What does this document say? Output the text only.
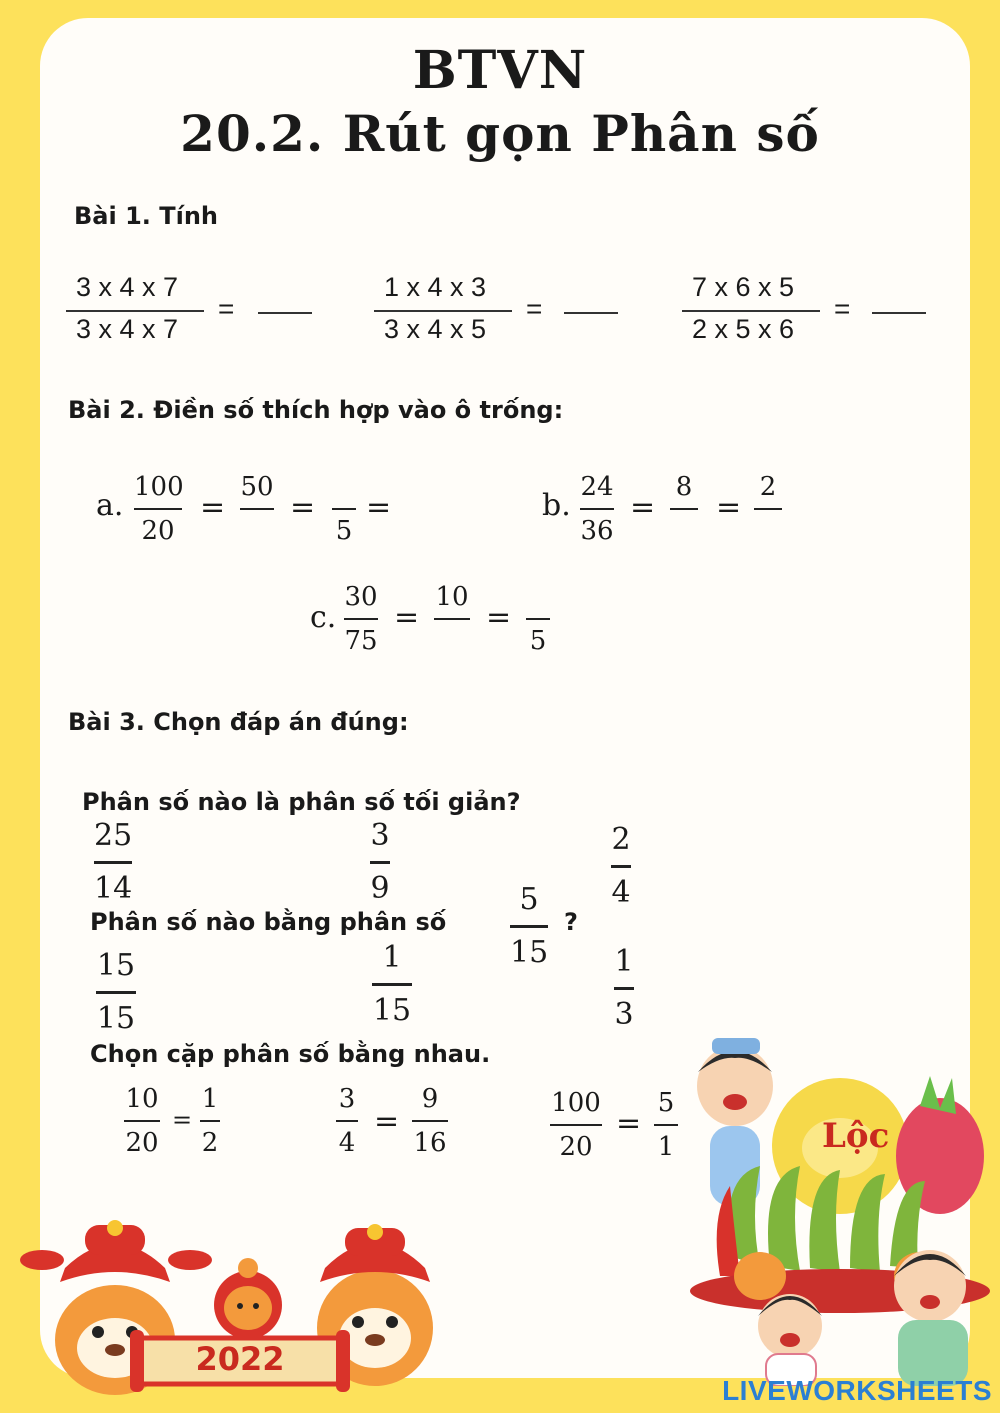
BTVN
20.2. Rút gọn Phân số
Bài 1. Tính
3 x 4 x 7
3 x 4 x 7
=
1 x 4 x 3
3 x 4 x 5
=
7 x 6 x 5
2 x 5 x 6
=
Bài 2. Điền số thích hợp vào ô trống:
a.
100
20
=
50
=
5
=	b.
24
36
=
8
=
2
c.
30
75
=
10
=
5
Bài 3. Chọn đáp án đúng:
Phân số nào là phân số tối giản?
25
14
3
9
2
4
Phân số nào bằng phân số
5
15
?
15
15
1
15
1
3
Chọn cặp phân số bằng nhau.
10
20
=
1
2
3
4
=
9
16
100
20
=
5
1
2022
Lộc
LIVEWORKSHEETS
